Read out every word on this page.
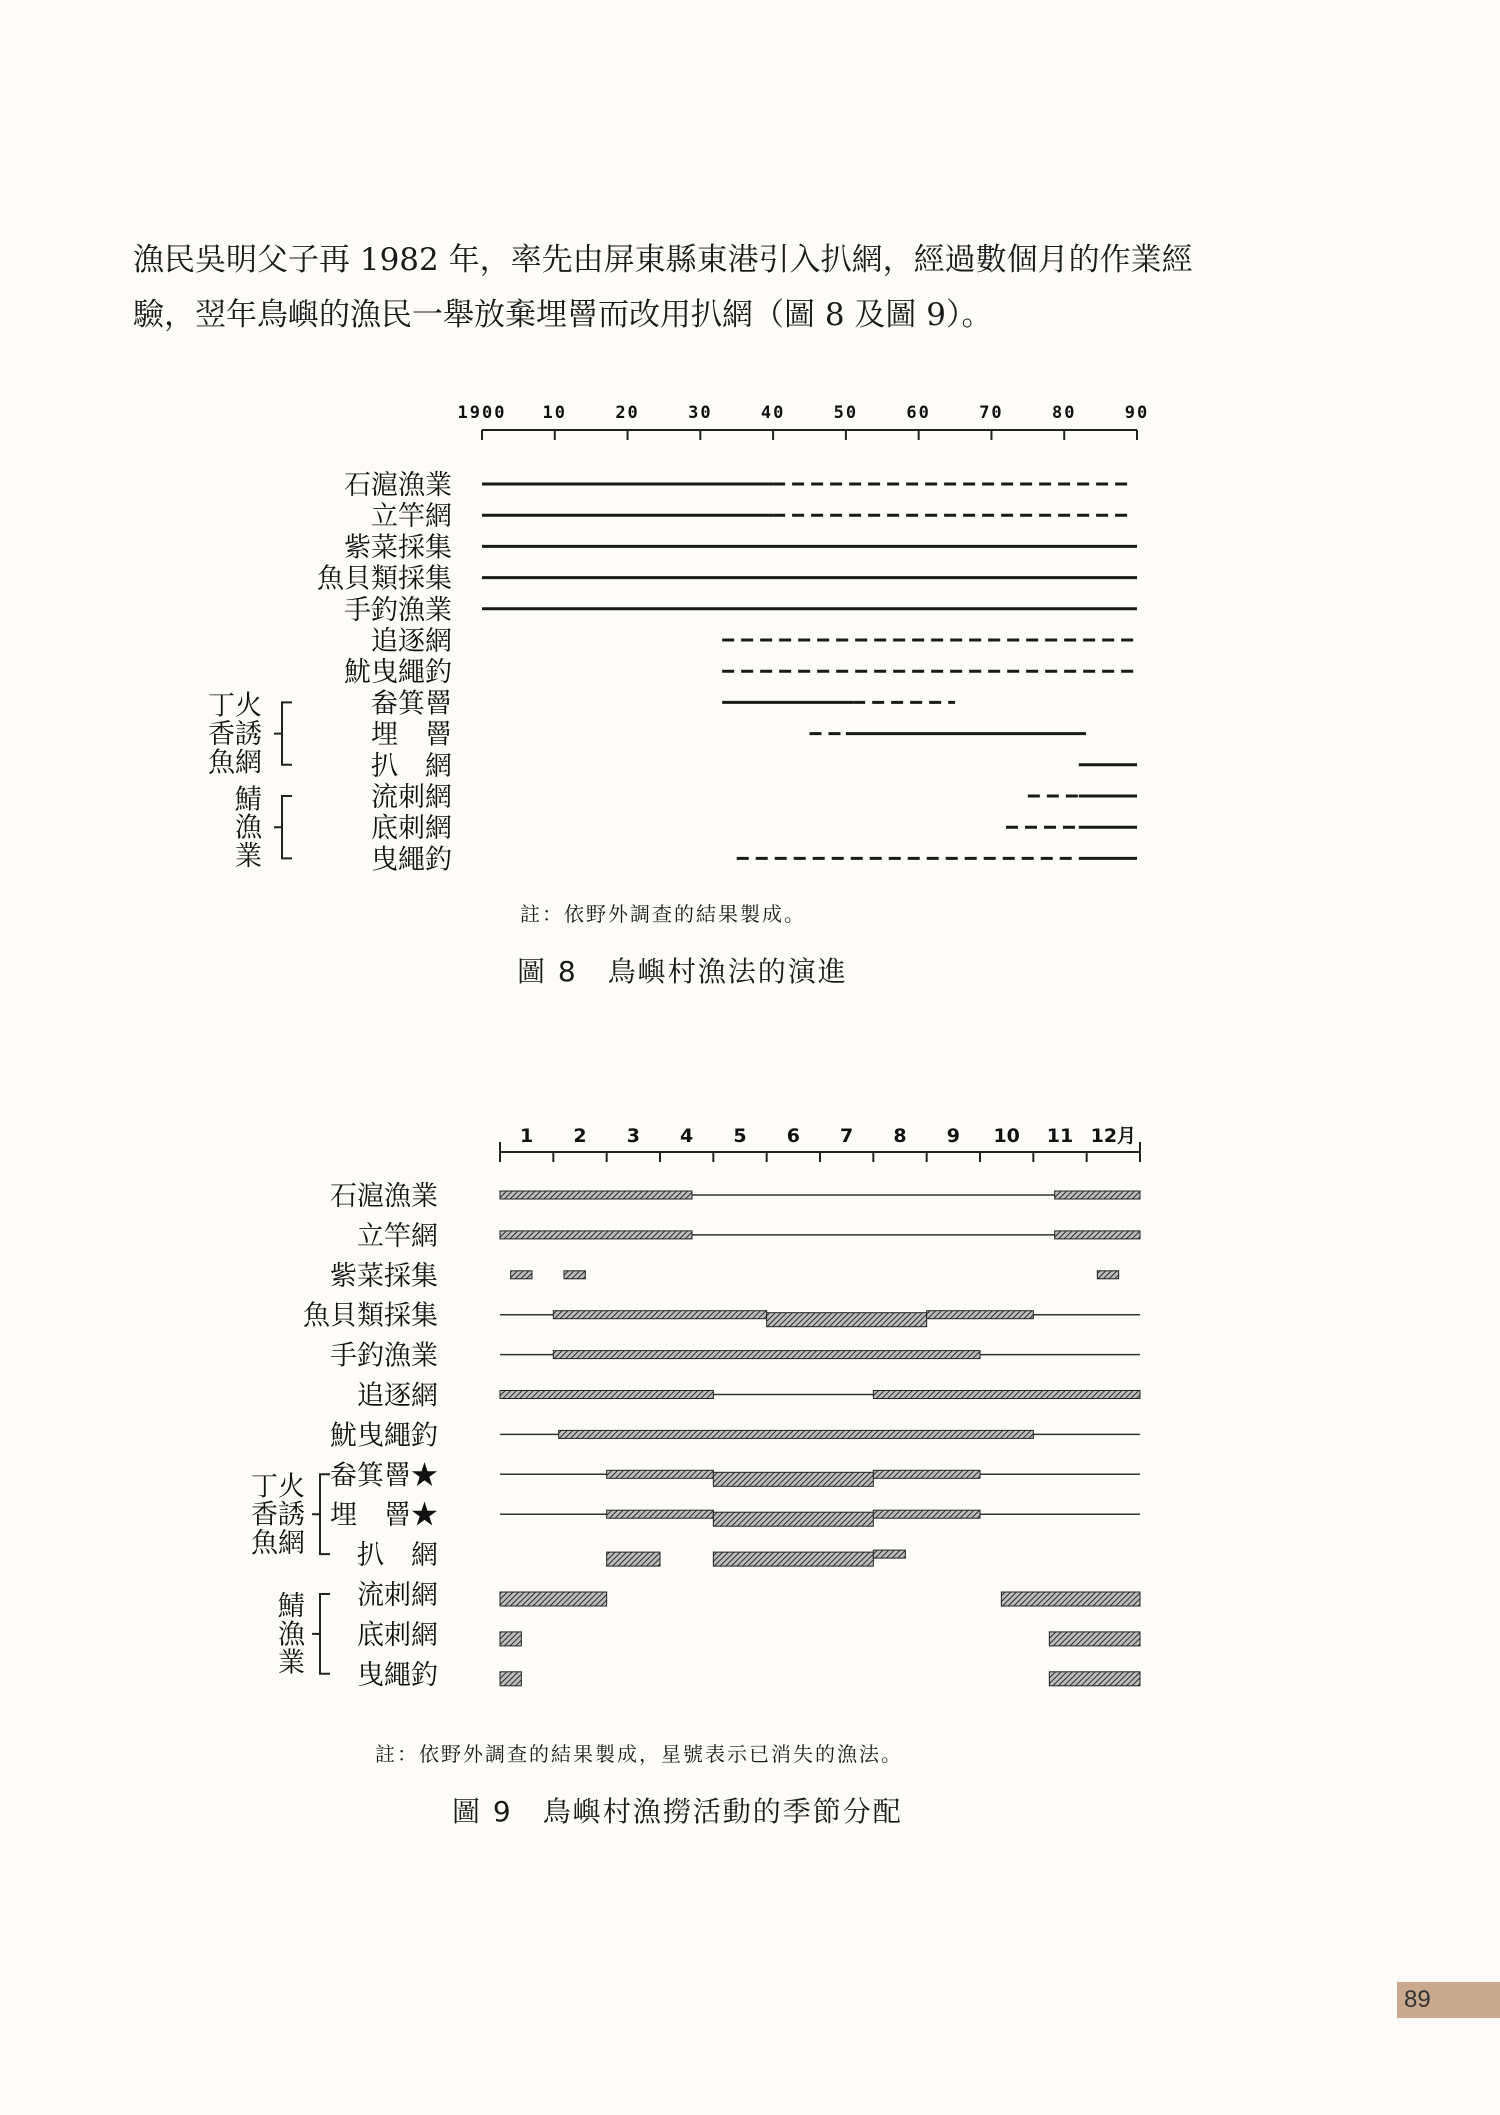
漁民吳明父子再 1982 年，率先由屏東縣東港引入扒網，經過數個月的作業經

驗，翌年鳥嶼的漁民一舉放棄埋罾而改用扒網（圖 8 及圖 9）。

1900 10	20	30	40	50	60	70	80	90
石滬漁業
立竿網
紫菜採集
魚貝類採集
手釣漁業
追逐網
魷曳繩釣
畚箕罾
埋　罾
扒　網
流刺網
底刺網
曳繩釣
丁火香誘魚網
鯖漁業
1 2 3 4 5 6 7 8 9 10 11 12月
石滬漁業
立竿網
紫菜採集
魚貝類採集
手釣漁業
追逐網
魷曳繩釣
畚箕罾★
埋　罾★
扒　網
流刺網
底刺網
曳繩釣
丁火香誘魚網
鯖漁業
註：依野外調查的結果製成。
圖 8 鳥嶼村漁法的演進
註：依野外調查的結果製成，星號表示已消失的漁法。
圖 9 鳥嶼村漁撈活動的季節分配
89
